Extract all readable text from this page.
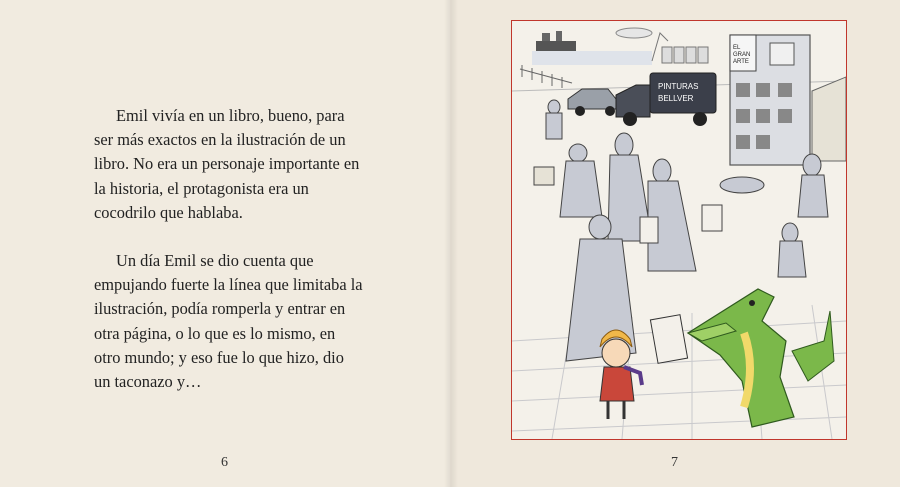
Emil vivía en un libro, bueno, para ser más exactos en la ilustración de un libro. No era un personaje importante en la historia, el protagonista era un cocodrilo que hablaba.

Un día Emil se dio cuenta que empujando fuerte la línea que limitaba la ilustración, podía romperla y entrar en otra página, o lo que es lo mismo, en otro mundo; y eso fue lo que hizo, dio un taconazo y…

6	7
EL
GRAN
ARTE
PINTURAS
BELLVER
